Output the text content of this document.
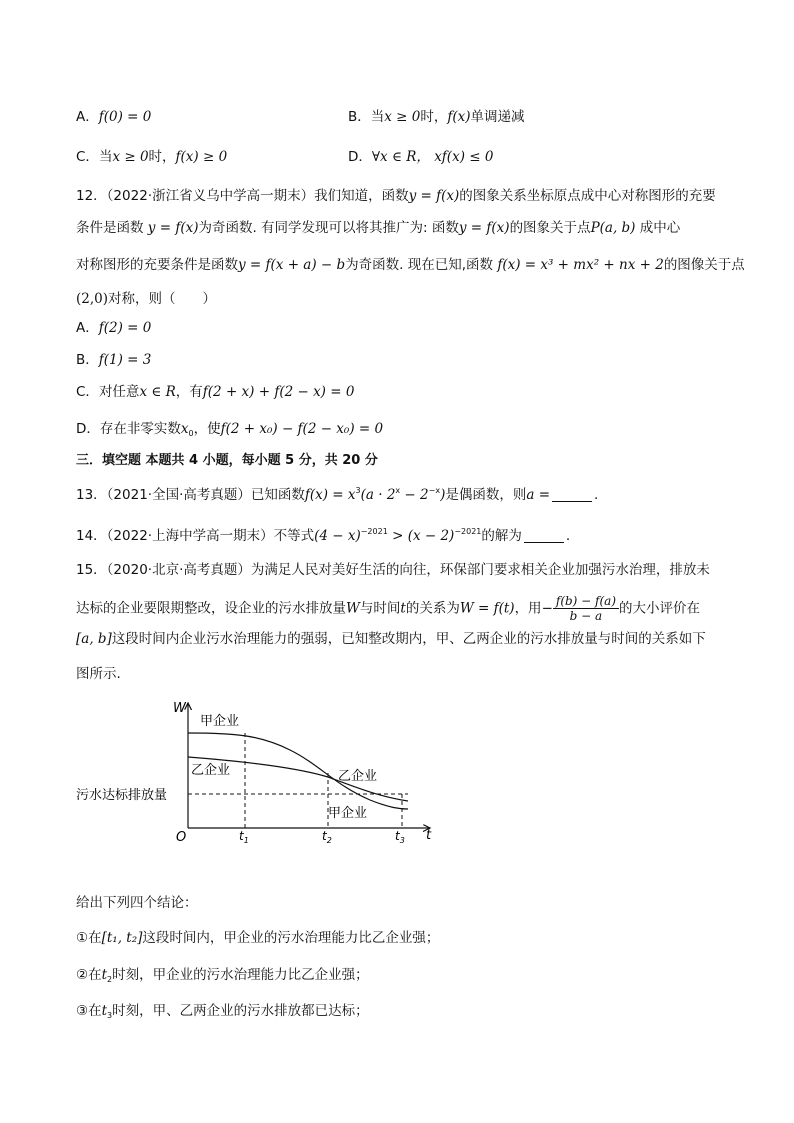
A．f(0) = 0	B．当x ≥ 0时，f(x)单调递减
C．当x ≥ 0时，f(x) ≥ 0	D．∀x ∈ R， xf(x) ≤ 0
12．（2022·浙江省义乌中学高一期末）我们知道，函数y = f(x)的图象关系坐标原点成中心对称图形的充要
条件是函数 y = f(x)为奇函数. 有同学发现可以将其推广为: 函数y = f(x)的图象关于点P(a, b) 成中心
对称图形的充要条件是函数y = f(x + a) − b为奇函数. 现在已知,函数 f(x) = x³ + mx² + nx + 2的图像关于点
(2,0)对称，则（　　）
A．f(2) = 0
B．f(1) = 3
C．对任意x ∈ R，有f(2 + x) + f(2 − x) = 0
D．存在非零实数$x_0$，使f(2 + x₀) − f(2 − x₀) = 0
三．填空题 本题共 4 小题，每小题 5 分，共 20 分
13．（2021·全国·高考真题）已知函数$f(x) = x^3(a \cdot 2^x - 2^{-x})$是偶函数，则a =	.
14．（2022·上海中学高一期末）不等式$(4 - x)^{-2021} > (x - 2)^{-2021}$的解为	.
15．（2020·北京·高考真题）为满足人民对美好生活的向往，环保部门要求相关企业加强污水治理，排放未
达标的企业要限期整改，设企业的污水排放量W与时间t的关系为W = f(t)，用− $\frac{f(b) - f(a)}{b - a}$ 的大小评价在
[a, b]这段时间内企业污水治理能力的强弱，已知整改期内，甲、乙两企业的污水排放量与时间的关系如下
图所示.
W
甲企业
乙企业	乙企业
污水达标排放量
甲企业
O	$t_1$	$t_2$	$t_3$ t
给出下列四个结论：
①在[t₁, t₂]这段时间内，甲企业的污水治理能力比乙企业强；
②在$t_2$时刻，甲企业的污水治理能力比乙企业强；
③在$t_3$时刻，甲、乙两企业的污水排放都已达标；
